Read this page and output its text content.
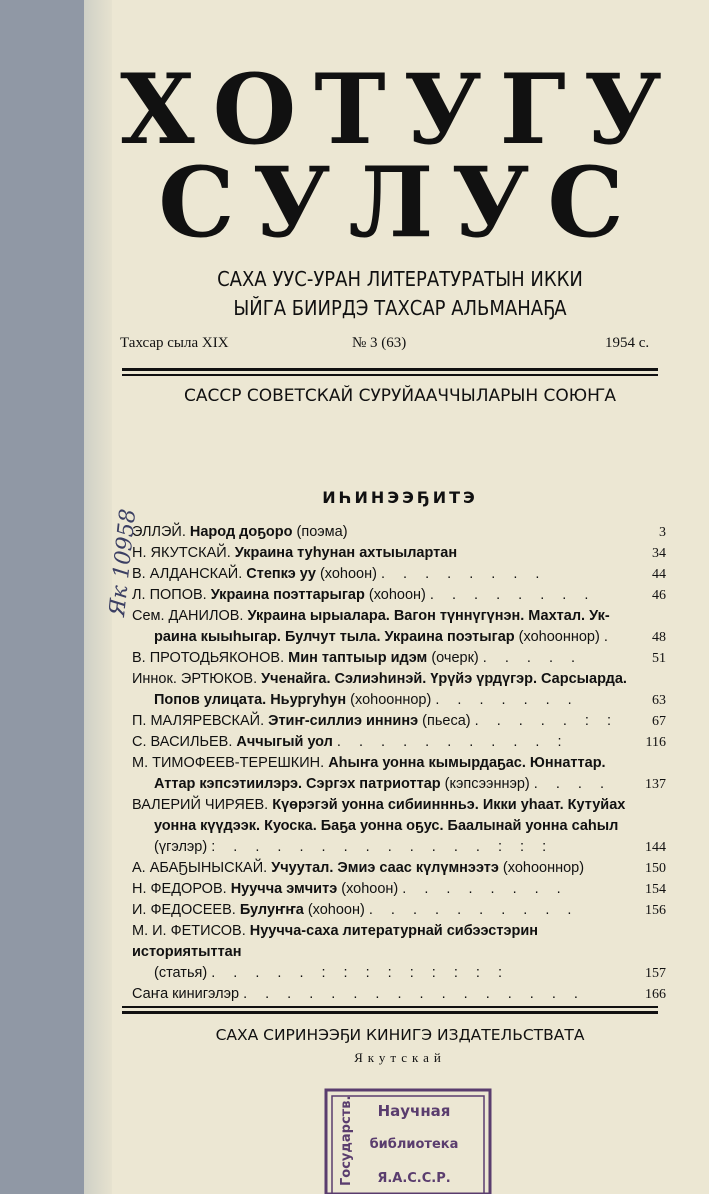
ХОТУГУ
СУЛУС
САХА УУС-УРАН ЛИТЕРАТУРАТЫН ИККИ
ЫЙГА БИИРДЭ ТАХСАР АЛЬМАНАҔА
Тахсар сыла XIX	№ 3 (63)	1954 с.
САССР СОВЕТСКАЙ СУРУЙААЧЧЫЛАРЫН СОЮҤА
ИҺИНЭЭҔИТЭ
Як 10958
ЭЛЛЭЙ. Народ доҕоро (поэма)	3
Н. ЯКУТСКАЙ. Украина туһунан ахтыылартан	34
В. АЛДАНСКАЙ. Степкэ уу (хоһоон) . . . . . . . .	44
Л. ПОПОВ. Украина поэттарыгар (хоһоон) . . . . . . . .	46
Сем. ДАНИЛОВ. Украина ырыалара. Вагон түннүгүнэн. Махтал. Ук-
раина кыыһыгар. Булчут тыла. Украина поэтыгар (хоһооннор) .	48
В. ПРОТОДЬЯКОНОВ. Мин таптыыр идэм (очерк) . . . . .	51
Иннок. ЭРТЮКОВ. Ученайга. Сэлиэһинэй. Үрүйэ үрдүгэр. Сарсыарда.
Попов улицата. Ньургуһун (хоһооннор) . . . . . . .	63
П. МАЛЯРЕВСКАЙ. Этиҥ-силлиэ иннинэ (пьеса) . . . . . : : 67
С. ВАСИЛЬЕВ. Аччыгый уол . . . . . . . . . . :	116
М. ТИМОФЕЕВ-ТЕРЕШКИН. Аһыҥа уонна кымырдаҕас. Юннаттар.
Аттар кэпсэтиилэрэ. Сэргэх патриоттар (кэпсээннэр) . . . . 137
ВАЛЕРИЙ ЧИРЯЕВ. Күөрэгэй уонна сибииннньэ. Икки уһаат. Кутуйах
уонна күүдээк. Куоска. Баҕа уонна оҕус. Баалынай уонна саһыл
(үгэлэр) : . . . . . . . . . . . . : : :	144
А. АБАҔЫНЫСКАЙ. Учуутал. Эмиэ саас күлүмнээтэ (хоһооннор)	150
Н. ФЕДОРОВ. Нуучча эмчитэ (хоһоон) . . . . . . . .	154
И. ФЕДОСЕЕВ. Булуҥҥа (хоһоон) . . . . . . . . . .	156
М. И. ФЕТИСОВ. Нуучча-саха литературнай сибээстэрин историятыттан
(статья) . . . . . : : : : : : : : :	157
Саҥа кинигэлэр . . . . . . . . . . . . . . . .	166
САХА СИРИНЭЭҔИ КИНИГЭ ИЗДАТЕЛЬСТВАТА
Якутскай
Государств. Научная
библиотека
Я.А.С.С.Р.
